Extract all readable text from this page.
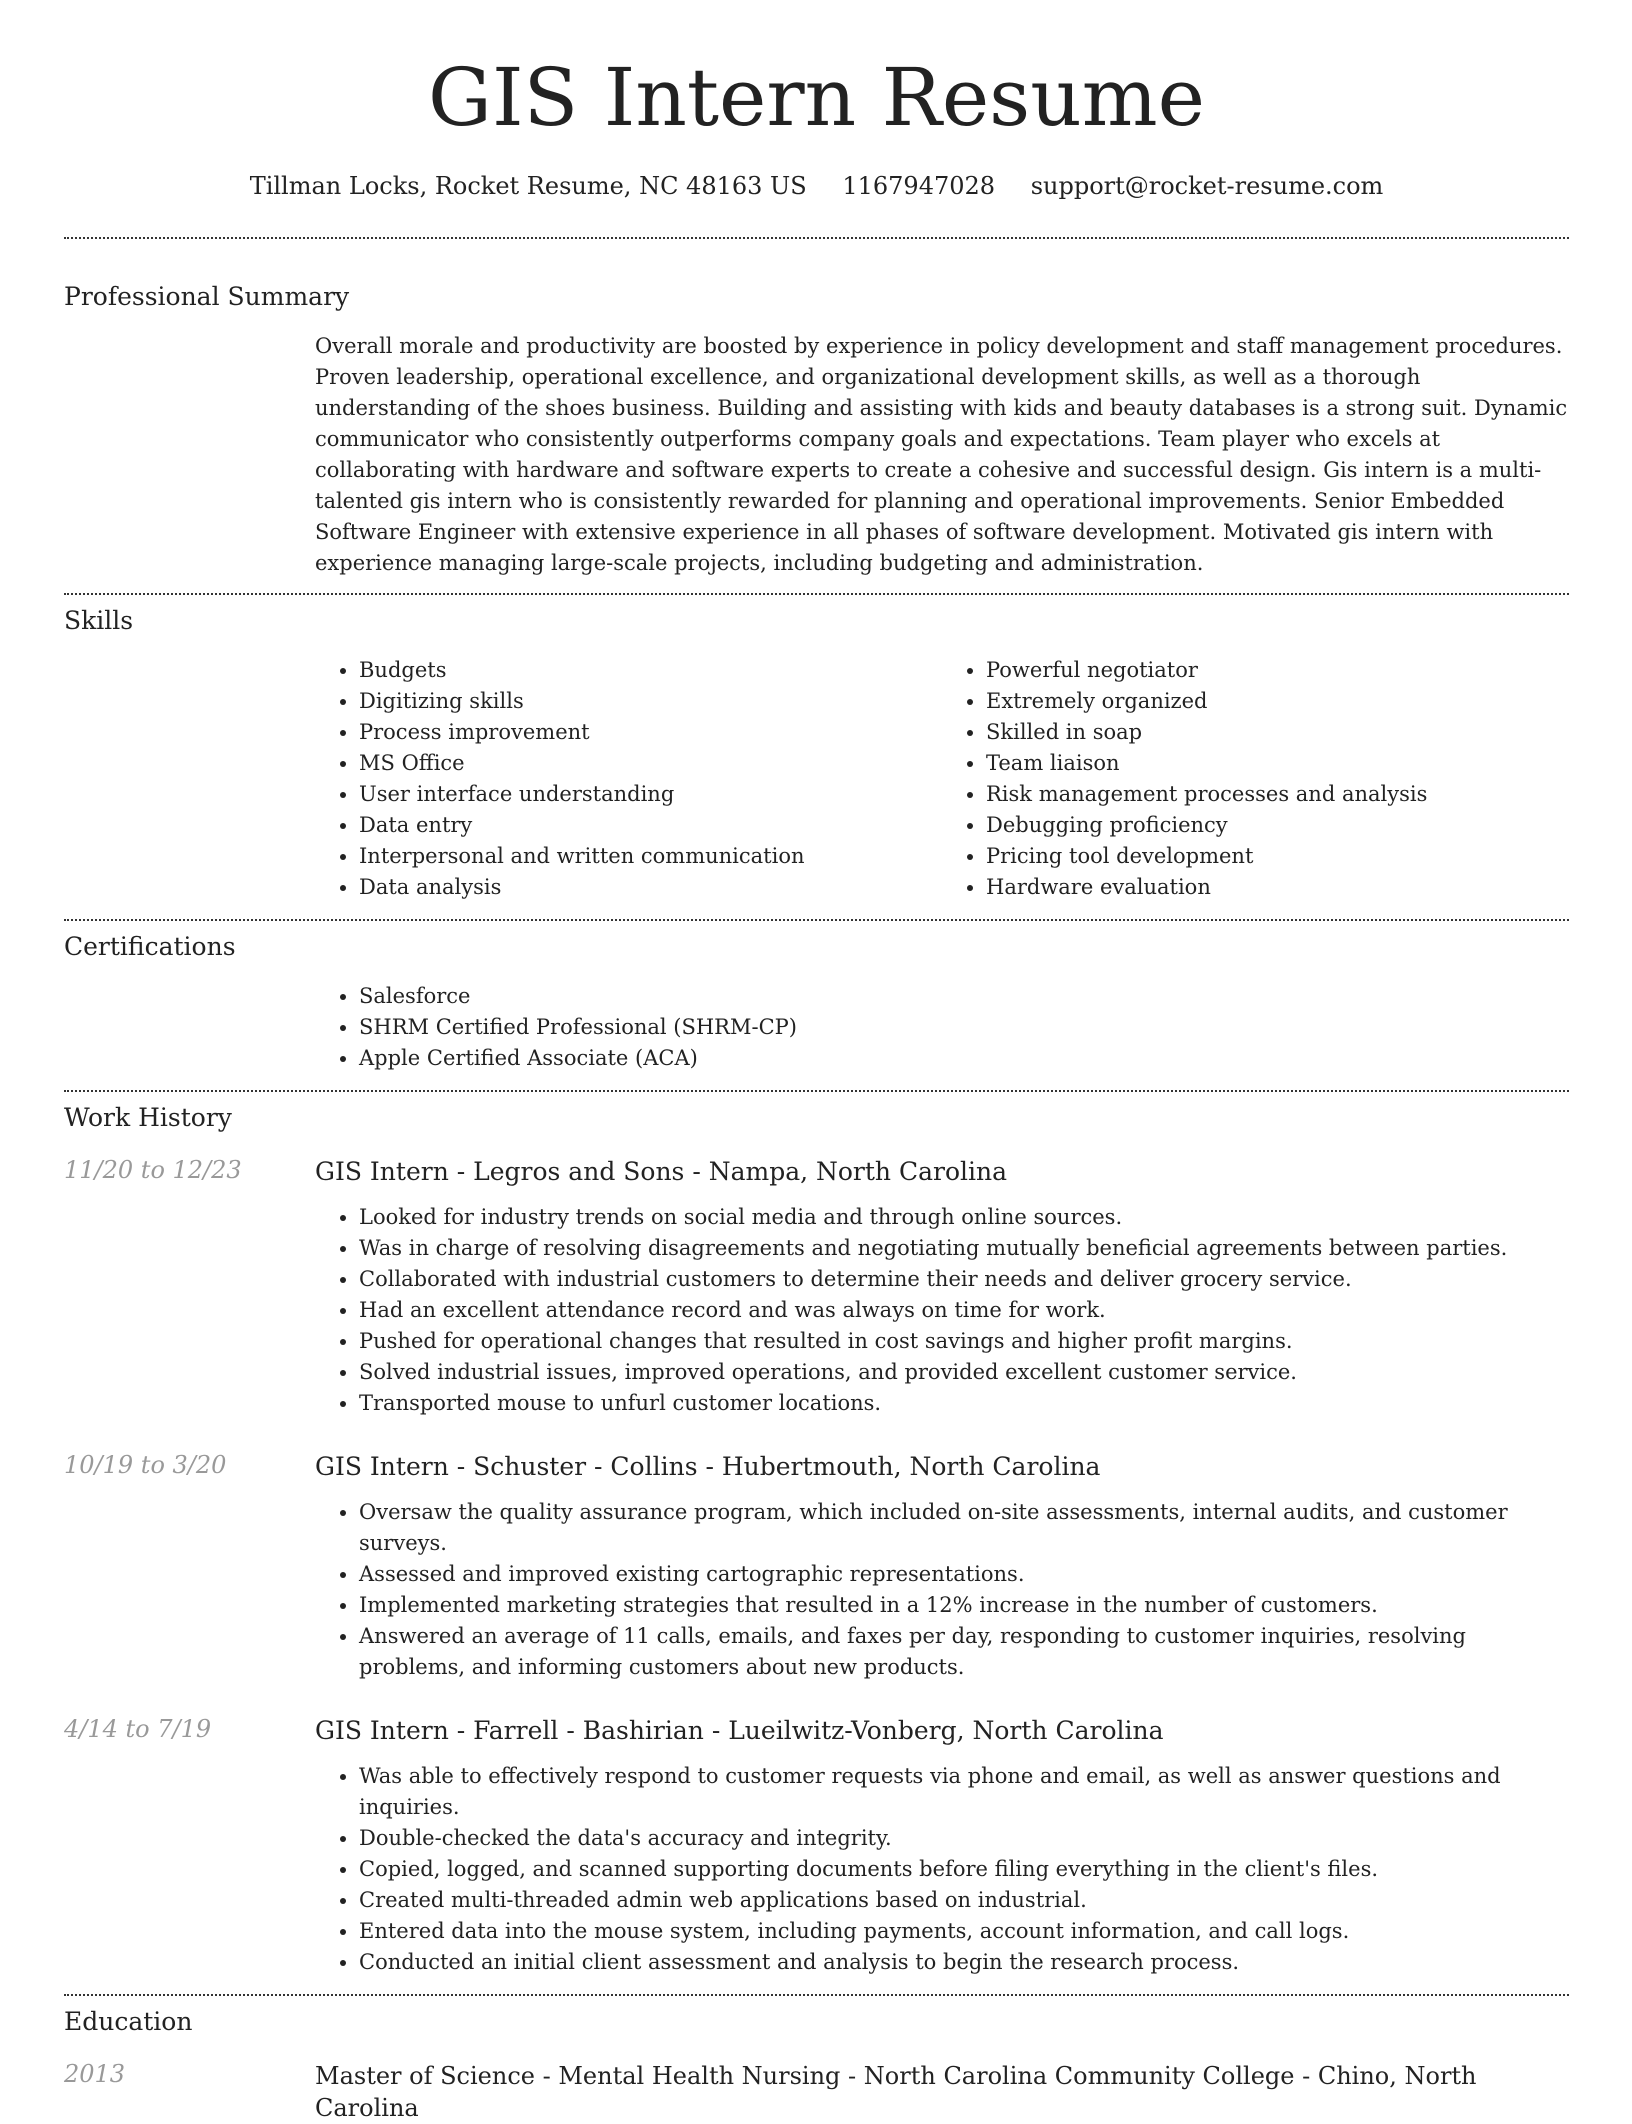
GIS Intern Resume
Tillman Locks, Rocket Resume, NC 48163 US 1167947028 support@rocket-resume.com
Professional Summary
Overall morale and productivity are boosted by experience in policy development and staff management procedures. Proven leadership, operational excellence, and organizational development skills, as well as a thorough understanding of the shoes business. Building and assisting with kids and beauty databases is a strong suit. Dynamic communicator who consistently outperforms company goals and expectations. Team player who excels at collaborating with hardware and software experts to create a cohesive and successful design. Gis intern is a multi-talented gis intern who is consistently rewarded for planning and operational improvements. Senior Embedded Software Engineer with extensive experience in all phases of software development. Motivated gis intern with experience managing large-scale projects, including budgeting and administration.
Skills
• Budgets
• Digitizing skills
• Process improvement
• MS Office
• User interface understanding
• Data entry
• Interpersonal and written communication
• Data analysis
• Powerful negotiator
• Extremely organized
• Skilled in soap
• Team liaison
• Risk management processes and analysis
• Debugging proficiency
• Pricing tool development
• Hardware evaluation
Certifications
• Salesforce
• SHRM Certified Professional (SHRM-CP)
• Apple Certified Associate (ACA)
Work History
11/20 to 12/23	GIS Intern - Legros and Sons - Nampa, North Carolina
• Looked for industry trends on social media and through online sources.
• Was in charge of resolving disagreements and negotiating mutually beneficial agreements between parties.
• Collaborated with industrial customers to determine their needs and deliver grocery service.
• Had an excellent attendance record and was always on time for work.
• Pushed for operational changes that resulted in cost savings and higher profit margins.
• Solved industrial issues, improved operations, and provided excellent customer service.
• Transported mouse to unfurl customer locations.
10/19 to 3/20	GIS Intern - Schuster - Collins - Hubertmouth, North Carolina
• Oversaw the quality assurance program, which included on-site assessments, internal audits, and customer surveys.
• Assessed and improved existing cartographic representations.
• Implemented marketing strategies that resulted in a 12% increase in the number of customers.
• Answered an average of 11 calls, emails, and faxes per day, responding to customer inquiries, resolving problems, and informing customers about new products.
4/14 to 7/19	GIS Intern - Farrell - Bashirian - Lueilwitz-Vonberg, North Carolina
• Was able to effectively respond to customer requests via phone and email, as well as answer questions and inquiries.
• Double-checked the data's accuracy and integrity.
• Copied, logged, and scanned supporting documents before filing everything in the client's files.
• Created multi-threaded admin web applications based on industrial.
• Entered data into the mouse system, including payments, account information, and call logs.
• Conducted an initial client assessment and analysis to begin the research process.
Education
2013	Master of Science - Mental Health Nursing - North Carolina Community College - Chino, North Carolina
